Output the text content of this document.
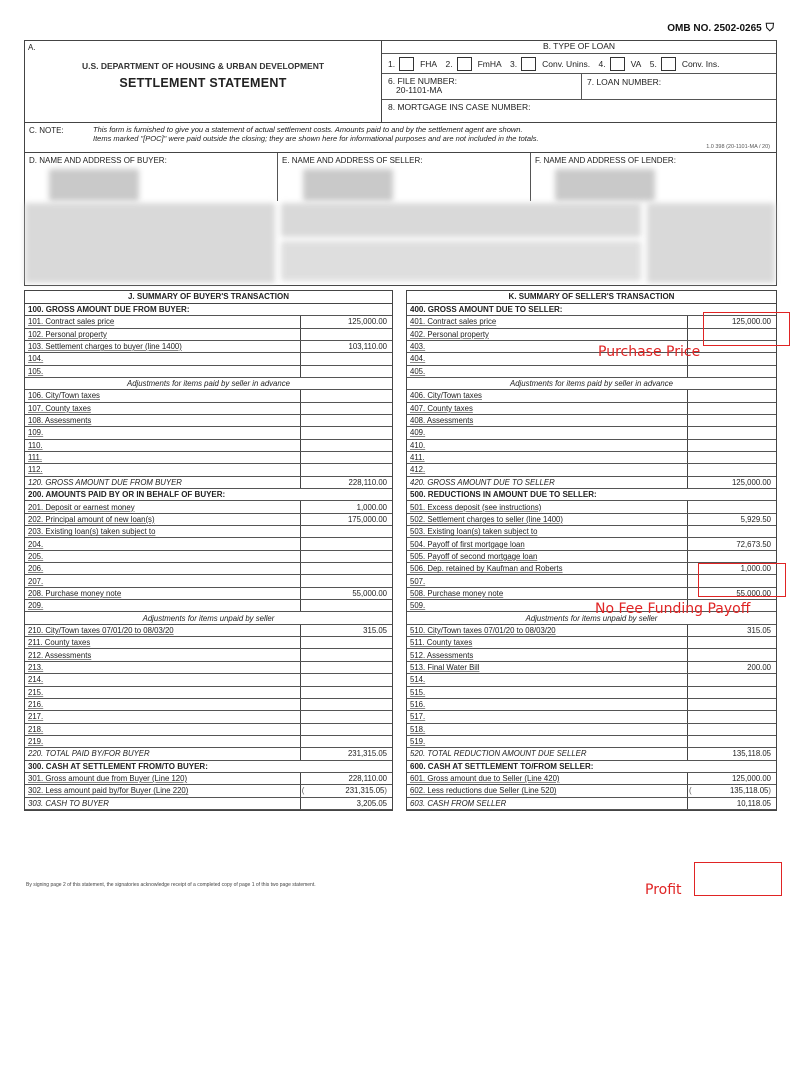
OMB NO. 2502-0265 ⛉
A.
U.S. DEPARTMENT OF HOUSING & URBAN DEVELOPMENT
SETTLEMENT STATEMENT
B. TYPE OF LOAN
1.	FHA
2.	FmHA
3.	Conv. Unins.
4.	VA
5.	Conv. Ins.
6. FILE NUMBER:
20-1101-MA
7. LOAN NUMBER:
8. MORTGAGE INS CASE NUMBER:
C. NOTE:	This form is furnished to give you a statement of actual settlement costs. Amounts paid to and by the settlement agent are shown.
Items marked "[POC]" were paid outside the closing; they are shown here for informational purposes and are not included in the totals.
1.0 398 (20-1101-MA / 20)
D. NAME AND ADDRESS OF BUYER:	E. NAME AND ADDRESS OF SELLER:	F. NAME AND ADDRESS OF LENDER:
J. SUMMARY OF BUYER'S TRANSACTION	
100. GROSS AMOUNT DUE FROM BUYER:	
101. Contract sales price	125,000.00
102. Personal property	
103. Settlement charges to buyer (line 1400)	103,110.00
104.	
105.	
Adjustments for items paid by seller in advance	
106. City/Town taxes	
107. County taxes	
108. Assessments	
109.	
110.	
111.	
112.	
120. GROSS AMOUNT DUE FROM BUYER	228,110.00
200. AMOUNTS PAID BY OR IN BEHALF OF BUYER:	
201. Deposit or earnest money	1,000.00
202. Principal amount of new loan(s)	175,000.00
203. Existing loan(s) taken subject to	
204.	
205.	
206.	
207.	
208. Purchase money note	55,000.00
209.	
Adjustments for items unpaid by seller	
210. City/Town taxes 07/01/20 to 08/03/20	315.05
211. County taxes	
212. Assessments	
213.	
214.	
215.	
216.	
217.	
218.	
219.	
220. TOTAL PAID BY/FOR BUYER	231,315.05
300. CASH AT SETTLEMENT FROM/TO BUYER:	
301. Gross amount due from Buyer (Line 120)	228,110.00
302. Less amount paid by/for Buyer (Line 220)	( 231,315.05 )
303. CASH TO BUYER	3,205.05
K. SUMMARY OF SELLER'S TRANSACTION	
400. GROSS AMOUNT DUE TO SELLER:	
401. Contract sales price	125,000.00
402. Personal property	
403.	
404.	
405.	
Adjustments for items paid by seller in advance	
406. City/Town taxes	
407. County taxes	
408. Assessments	
409.	
410.	
411.	
412.	
420. GROSS AMOUNT DUE TO SELLER	125,000.00
500. REDUCTIONS IN AMOUNT DUE TO SELLER:	
501. Excess deposit (see instructions)	
502. Settlement charges to seller (line 1400)	5,929.50
503. Existing loan(s) taken subject to	
504. Payoff of first mortgage loan	72,673.50
505. Payoff of second mortgage loan	
506. Dep. retained by Kaufman and Roberts	1,000.00
507.	
508. Purchase money note	55,000.00
509.	
Adjustments for items unpaid by seller	
510. City/Town taxes 07/01/20 to 08/03/20	315.05
511. County taxes	
512. Assessments	
513. Final Water Bill	200.00
514.	
515.	
516.	
517.	
518.	
519.	
520. TOTAL REDUCTION AMOUNT DUE SELLER	135,118.05
600. CASH AT SETTLEMENT TO/FROM SELLER:	
601. Gross amount due to Seller (Line 420)	125,000.00
602. Less reductions due Seller (Line 520)	( 135,118.05 )
603. CASH FROM SELLER	10,118.05
By signing page 2 of this statement, the signatories acknowledge receipt of a completed copy of page 1 of this two page statement.
Purchase Price
No Fee Funding Payoff
Profit
